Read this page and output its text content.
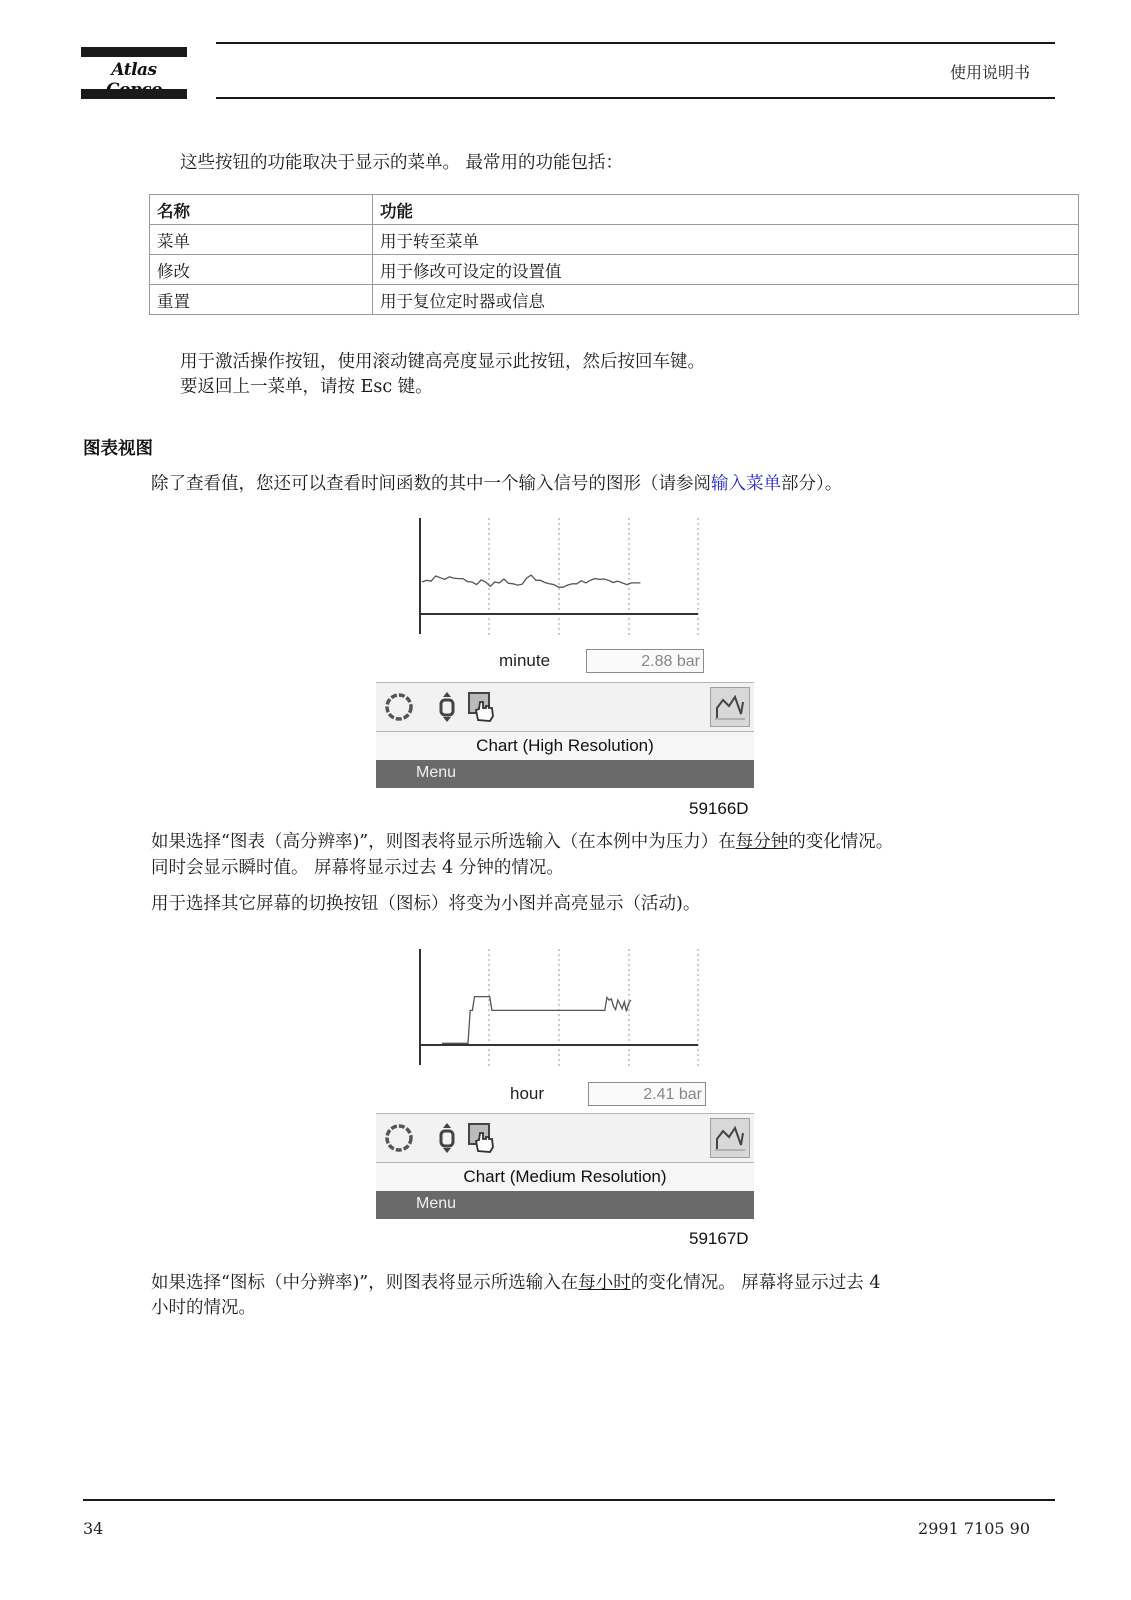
Atlas	使用说明书
这些按钮的功能取决于显示的菜单。 最常用的功能包括：
名称	功能
菜单	用于转至菜单
修改	用于修改可设定的设置值
重置	用于复位定时器或信息
用于激活操作按钮，使用滚动键高亮度显示此按钮，然后按回车键。
要返回上一菜单，请按 Esc 键。
图表视图
除了查看值，您还可以查看时间函数的其中一个输入信号的图形（请参阅输入菜单部分）。
minute	2.88 bar
Chart (High Resolution)
Menu
59166D
如果选择“图表（高分辨率)”，则图表将显示所选输入（在本例中为压力）在每分钟的变化情况。
同时会显示瞬时值。 屏幕将显示过去 4 分钟的情况。
用于选择其它屏幕的切换按钮（图标）将变为小图并高亮显示（活动)。
hour	2.41 bar
Chart (Medium Resolution)
Menu
59167D
如果选择“图标（中分辨率)”，则图表将显示所选输入在每小时的变化情况。 屏幕将显示过去 4
小时的情况。
34	2991 7105 90
